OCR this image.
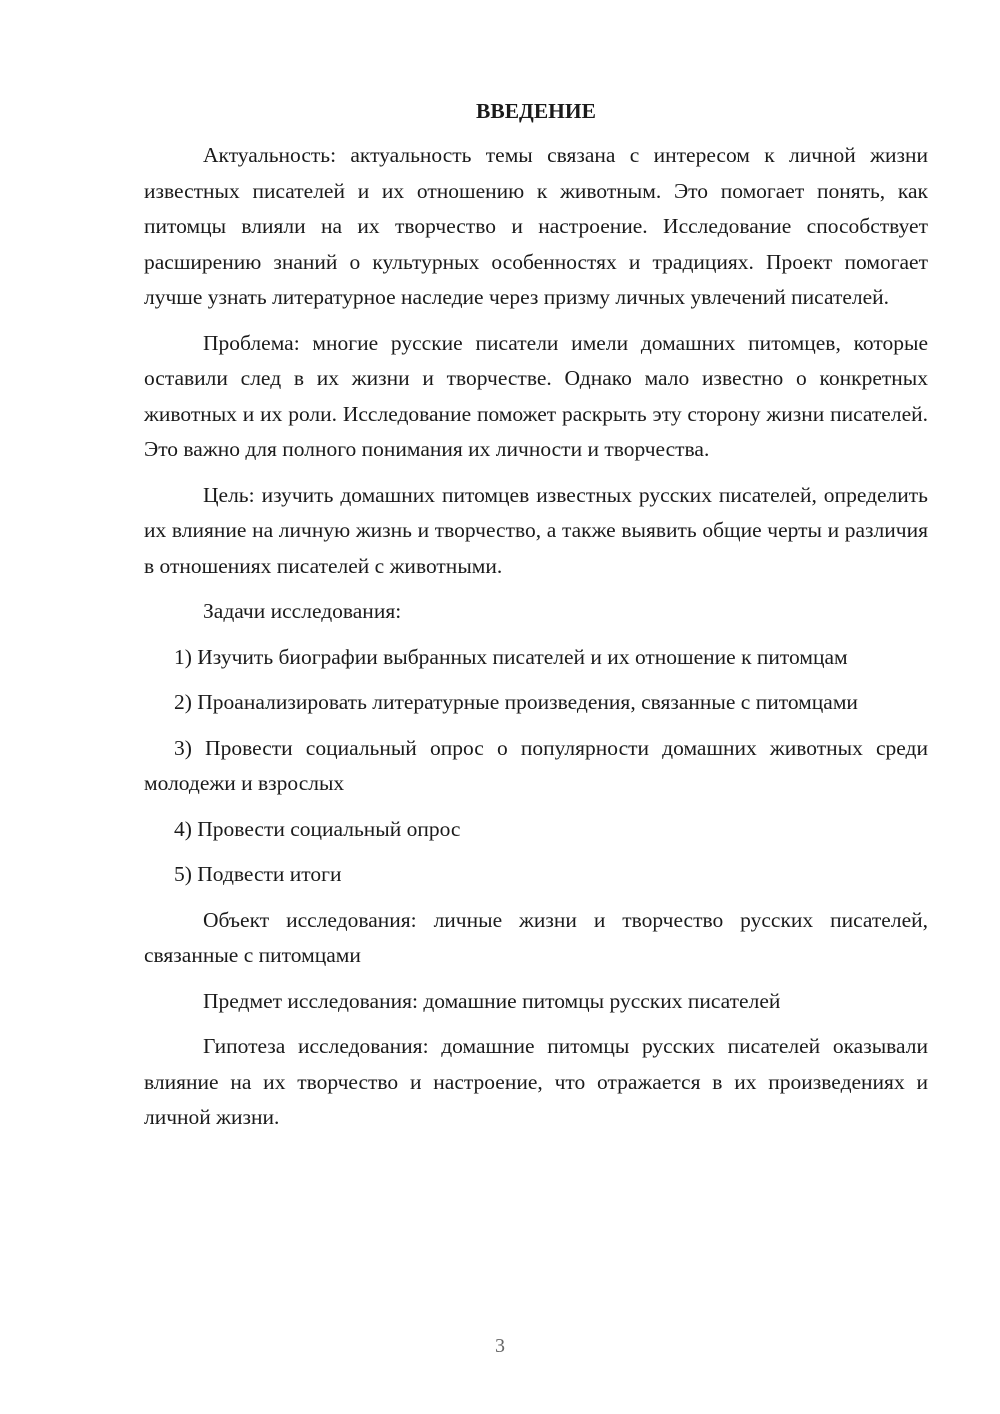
ВВЕДЕНИЕ

Актуальность: актуальность темы связана с интересом к личной жизни известных писателей и их отношению к животным. Это помогает понять, как питомцы влияли на их творчество и настроение. Исследование способствует расширению знаний о культурных особенностях и традициях. Проект помогает лучше узнать литературное наследие через призму личных увлечений писателей.

Проблема: многие русские писатели имели домашних питомцев, которые оставили след в их жизни и творчестве. Однако мало известно о конкретных животных и их роли. Исследование поможет раскрыть эту сторону жизни писателей. Это важно для полного понимания их личности и творчества.

Цель: изучить домашних питомцев известных русских писателей, определить их влияние на личную жизнь и творчество, а также выявить общие черты и различия в отношениях писателей с животными.

Задачи исследования:

1) Изучить биографии выбранных писателей и их отношение к питомцам

2) Проанализировать литературные произведения, связанные с питомцами

3) Провести социальный опрос о популярности домашних животных среди молодежи и взрослых

4) Провести социальный опрос

5) Подвести итоги

Объект исследования: личные жизни и творчество русских писателей, связанные с питомцами

Предмет исследования: домашние питомцы русских писателей

Гипотеза исследования: домашние питомцы русских писателей оказывали влияние на их творчество и настроение, что отражается в их произведениях и личной жизни.

3
